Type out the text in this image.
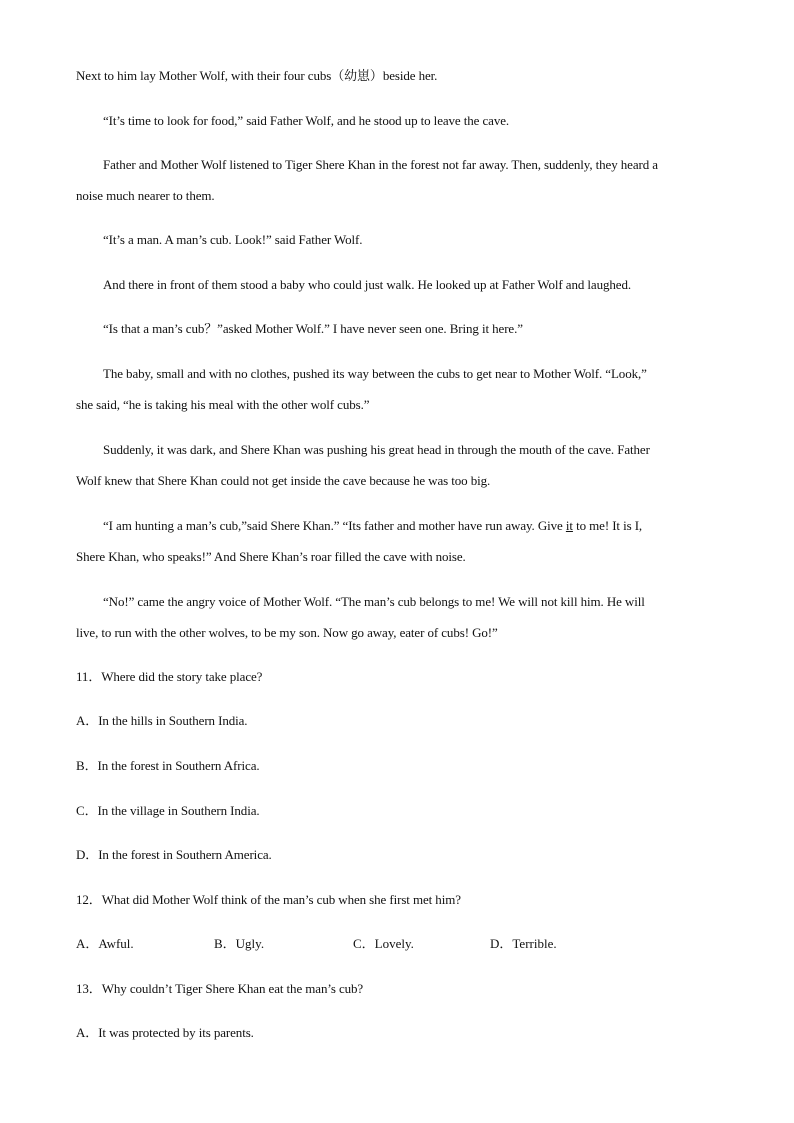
Next to him lay Mother Wolf, with their four cubs（幼崽）beside her.
“It’s time to look for food,” said Father Wolf, and he stood up to leave the cave.
Father and Mother Wolf listened to Tiger Shere Khan in the forest not far away. Then, suddenly, they heard a
noise much nearer to them.
“It’s a man. A man’s cub. Look!” said Father Wolf.
And there in front of them stood a baby who could just walk. He looked up at Father Wolf and laughed.
“Is that a man’s cub？”asked Mother Wolf.” I have never seen one. Bring it here.”
The baby, small and with no clothes, pushed its way between the cubs to get near to Mother Wolf. “Look,”
she said, “he is taking his meal with the other wolf cubs.”
Suddenly, it was dark, and Shere Khan was pushing his great head in through the mouth of the cave. Father
Wolf knew that Shere Khan could not get inside the cave because he was too big.
“I am hunting a man’s cub,”said Shere Khan.” “Its father and mother have run away. Give it to me! It is I,
Shere Khan, who speaks!” And Shere Khan’s roar filled the cave with noise.
“No!” came the angry voice of Mother Wolf. “The man’s cub belongs to me! We will not kill him. He will
live, to run with the other wolves, to be my son. Now go away, eater of cubs! Go!”
11．Where did the story take place?
A．In the hills in Southern India.
B．In the forest in Southern Africa.
C．In the village in Southern India.
D．In the forest in Southern America.
12．What did Mother Wolf think of the man’s cub when she first met him?
A．Awful.	B．Ugly.	C．Lovely.	D．Terrible.
13．Why couldn’t Tiger Shere Khan eat the man’s cub?
A．It was protected by its parents.
